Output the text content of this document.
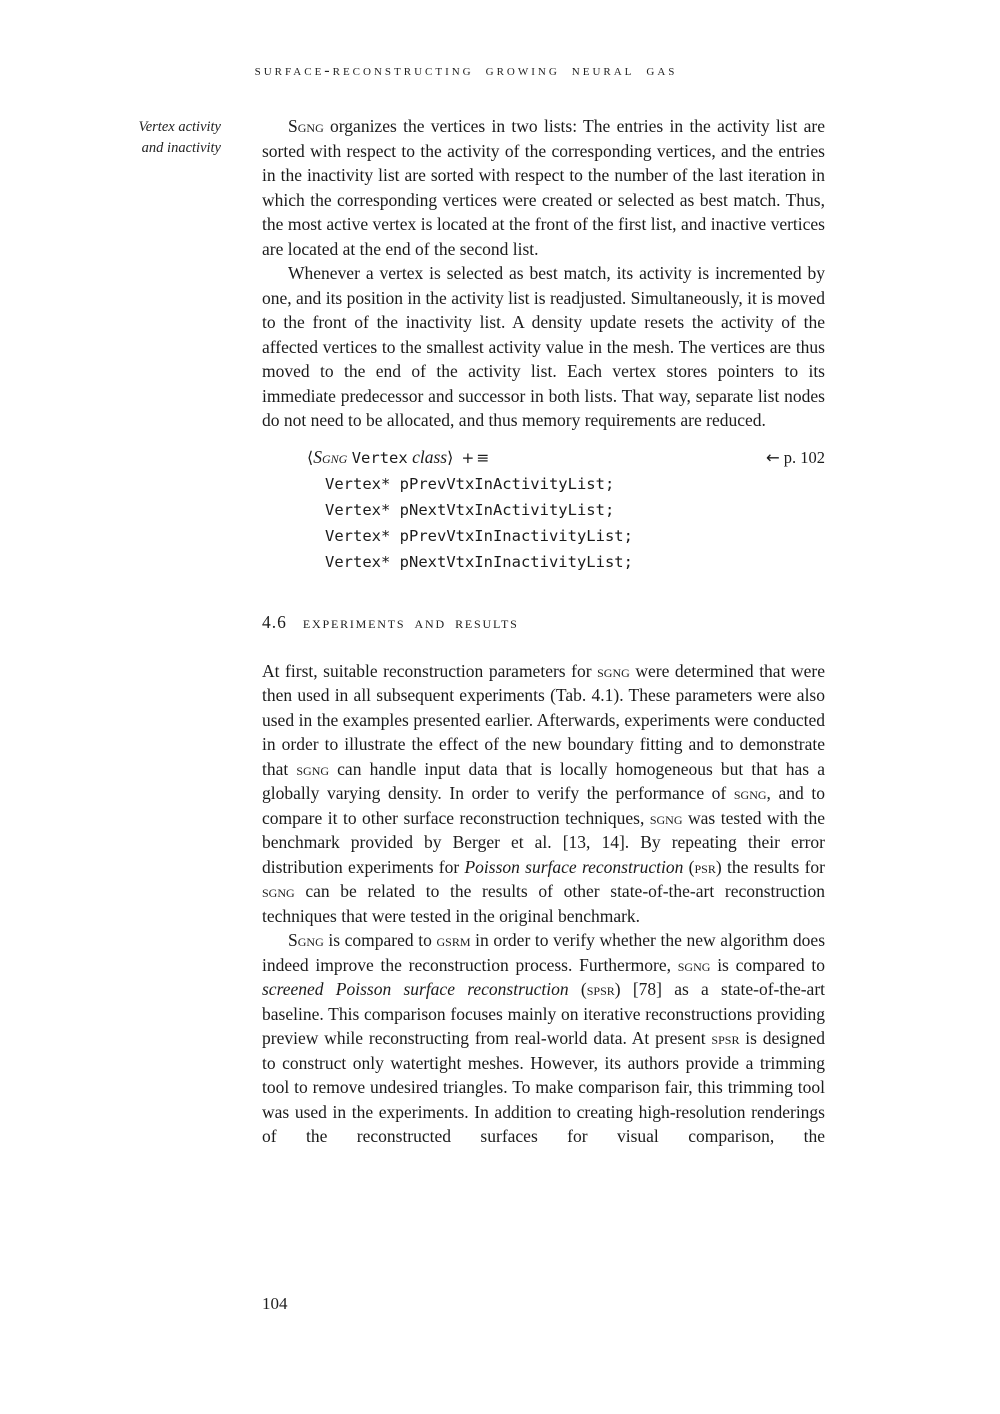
surface-reconstructing growing neural gas
Vertex activity
and inactivity

Sgng organizes the vertices in two lists: The entries in the activity list are sorted with respect to the activity of the corresponding vertices, and the entries in the inactivity list are sorted with respect to the number of the last iteration in which the corresponding vertices were created or selected as best match. Thus, the most active vertex is located at the front of the first list, and inactive vertices are located at the end of the second list.

Whenever a vertex is selected as best match, its activity is incremented by one, and its position in the activity list is readjusted. Simultaneously, it is moved to the front of the inactivity list. A density update resets the activity of the affected vertices to the smallest activity value in the mesh. The vertices are thus moved to the end of the activity list. Each vertex stores pointers to its immediate predecessor and successor in both lists. That way, separate list nodes do not need to be allocated, and thus memory requirements are reduced.

⟨Sgng Vertex class⟩ +≡	← p. 102
Vertex* pPrevVtxInActivityList;
Vertex* pNextVtxInActivityList;
Vertex* pPrevVtxInInactivityList;
Vertex* pNextVtxInInactivityList;
4.6 experiments and results

At first, suitable reconstruction parameters for sgng were determined that were then used in all subsequent experiments (Tab. 4.1). These parameters were also used in the examples presented earlier. Afterwards, experiments were conducted in order to illustrate the effect of the new boundary fitting and to demonstrate that sgng can handle input data that is locally homogeneous but that has a globally varying density. In order to verify the performance of sgng, and to compare it to other surface reconstruction techniques, sgng was tested with the benchmark provided by Berger et al. [13, 14]. By repeating their error distribution experiments for Poisson surface reconstruction (psr) the results for sgng can be related to the results of other state-of-the-art reconstruction techniques that were tested in the original benchmark.

Sgng is compared to gsrm in order to verify whether the new algorithm does indeed improve the reconstruction process. Furthermore, sgng is compared to screened Poisson surface reconstruction (spsr) [78] as a state-of-the-art baseline. This comparison focuses mainly on iterative reconstructions providing preview while reconstructing from real-world data. At present spsr is designed to construct only watertight meshes. However, its authors provide a trimming tool to remove undesired triangles. To make comparison fair, this trimming tool was used in the experiments. In addition to creating high-resolution renderings of the reconstructed surfaces for visual comparison, the

104
